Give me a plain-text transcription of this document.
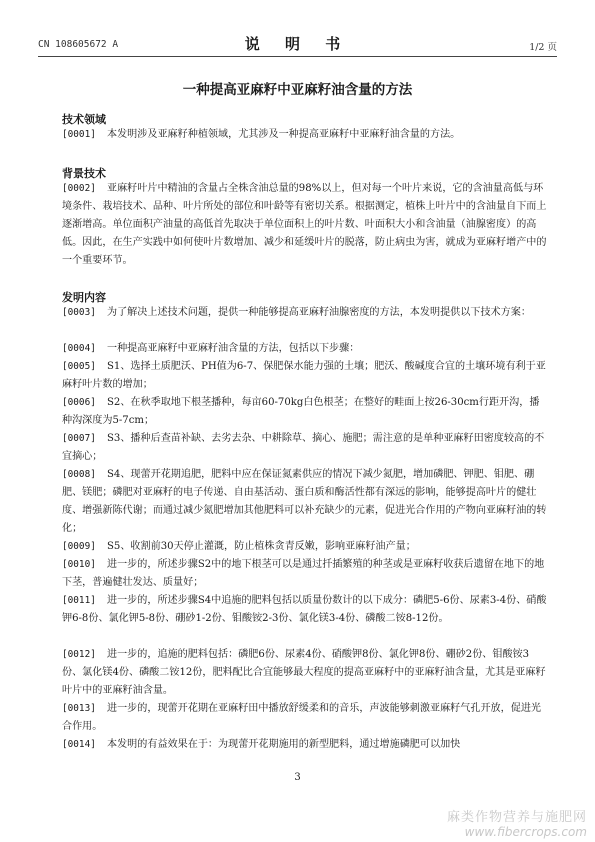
CN 108605672 A	说 明 书	1/2 页
一种提高亚麻籽中亚麻籽油含量的方法
技术领域
[0001]	本发明涉及亚麻籽种植领域，尤其涉及一种提高亚麻籽中亚麻籽油含量的方法。
背景技术
[0002]	亚麻籽叶片中精油的含量占全株含油总量的98%以上，但对每一个叶片来说，它的含油量高低与环境条件、栽培技术、品种、叶片所处的部位和叶龄等有密切关系。根据测定，植株上叶片中的含油量自下而上逐渐增高。单位面积产油量的高低首先取决于单位面积上的叶片数、叶面积大小和含油量（油腺密度）的高低。因此，在生产实践中如何使叶片数增加、减少和延缓叶片的脱落，防止病虫为害，就成为亚麻籽增产中的一个重要环节。
发明内容
[0003]	为了解决上述技术问题，提供一种能够提高亚麻籽油腺密度的方法，本发明提供以下技术方案：
[0004]	一种提高亚麻籽中亚麻籽油含量的方法，包括以下步骤：
[0005]	S1、选择土质肥沃、PH值为6-7、保肥保水能力强的土壤；肥沃、酸碱度合宜的土壤环境有利于亚麻籽叶片数的增加；
[0006]	S2、在秋季取地下根茎播种，每亩60-70kg白色根茎；在整好的畦面上按26-30cm行距开沟，播种沟深度为5-7cm；
[0007]	S3、播种后查苗补缺、去劣去杂、中耕除草、摘心、施肥；需注意的是单种亚麻籽田密度较高的不宜摘心；
[0008]	S4、现蕾开花期追肥，肥料中应在保证氮素供应的情况下减少氮肥，增加磷肥、钾肥、钼肥、硼肥、镁肥；磷肥对亚麻籽的电子传递、自由基活动、蛋白质和酶活性都有深远的影响，能够提高叶片的健壮度、增强新陈代谢；而通过减少氮肥增加其他肥料可以补充缺少的元素，促进光合作用的产物向亚麻籽油的转化；
[0009]	S5、收割前30天停止灌溉，防止植株贪青反嫩，影响亚麻籽油产量；
[0010]	进一步的，所述步骤S2中的地下根茎可以是通过扦插繁殖的种茎或是亚麻籽收获后遗留在地下的地下茎，普遍健壮发达、质量好；
[0011]	进一步的，所述步骤S4中追施的肥料包括以质量份数计的以下成分：磷肥5-6份、尿素3-4份、硝酸钾6-8份、氯化钾5-8份、硼砂1-2份、钼酸铵2-3份、氯化镁3-4份、磷酸二铵8-12份。
[0012]	进一步的，追施的肥料包括：磷肥6份、尿素4份、硝酸钾8份、氯化钾8份、硼砂2份、钼酸铵3份、氯化镁4份、磷酸二铵12份，肥料配比合宜能够最大程度的提高亚麻籽中的亚麻籽油含量，尤其是亚麻籽叶片中的亚麻籽油含量。
[0013]	进一步的，现蕾开花期在亚麻籽田中播放舒缓柔和的音乐，声波能够刺激亚麻籽气孔开放，促进光合作用。
[0014]	本发明的有益效果在于：为现蕾开花期施用的新型肥料，通过增施磷肥可以加快
3
麻类作物营养与施肥网
www.fibercrops.com
